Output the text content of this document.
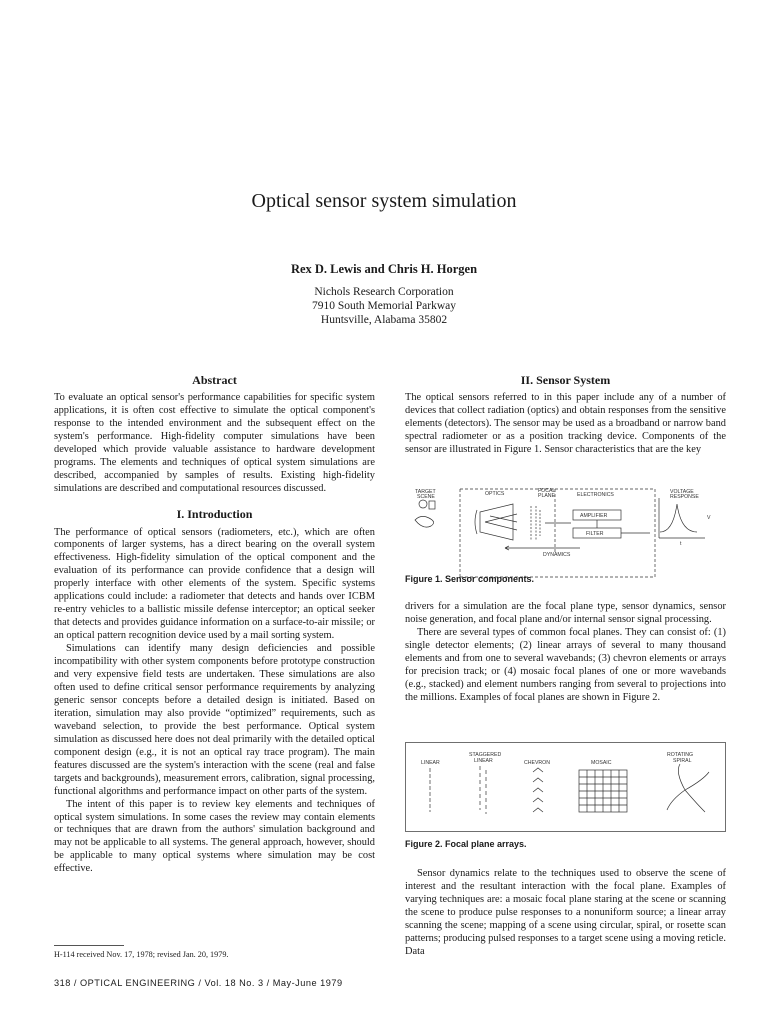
Optical sensor system simulation
Rex D. Lewis and Chris H. Horgen
Nichols Research Corporation
7910 South Memorial Parkway
Huntsville, Alabama 35802
Abstract

To evaluate an optical sensor's performance capabilities for specific system applications, it is often cost effective to simulate the optical component's response to the intended environment and the subsequent effect on the system's performance. High-fidelity computer simulations have been developed which provide valuable assistance to hardware development programs. The elements and techniques of optical system simulations are described, accompanied by samples of results. Existing high-fidelity simulations are described and computational resources discussed.

I. Introduction

The performance of optical sensors (radiometers, etc.), which are often components of larger systems, has a direct bearing on the overall system effectiveness. High-fidelity simulation of the optical component and the evaluation of its performance can provide confidence that a design will properly interface with other elements of the system. Specific systems applications could include: a radiometer that detects and hands over ICBM re-entry vehicles to a ballistic missile defense interceptor; an optical seeker that detects and provides guidance information on a surface-to-air missile; or an optical pattern recognition device used by a mail sorting system.

Simulations can identify many design deficiencies and possible incompatibility with other system components before prototype construction and very expensive field tests are undertaken. These simulations are also often used to define critical sensor performance requirements by analyzing generic sensor concepts before a detailed design is initiated. Based on iteration, simulation may also provide “optimized” requirements, such as waveband selection, to provide the best performance. Optical system simulation as discussed here does not deal primarily with the detailed optical component design (e.g., it is not an optical ray trace program). The main features discussed are the system's interaction with the scene (real and false targets and backgrounds), measurement errors, calibration, signal processing, functional algorithms and performance impact on other parts of the system.

The intent of this paper is to review key elements and techniques of optical system simulations. In some cases the review may contain elements or techniques that are drawn from the authors' simulation background and may not be applicable to all systems. The general approach, however, should be applicable to many optical systems where simulation may be cost effective.

H-114 received Nov. 17, 1978; revised Jan. 20, 1979.
II. Sensor System

The optical sensors referred to in this paper include any of a number of devices that collect radiation (optics) and obtain responses from the sensitive elements (detectors). The sensor may be used as a broadband or narrow band spectral radiometer or as a position tracking device. Components of the sensor are illustrated in Figure 1. Sensor characteristics that are the key

TARGET
SCENE	OPTICS	FOCAL
PLANE	ELECTRONICS	VOLTAGE
RESPONSE
AMPLIFIER
FILTER
DYNAMICS
V
t
Figure 1. Sensor components.

drivers for a simulation are the focal plane type, sensor dynamics, sensor noise generation, and focal plane and/or internal sensor signal processing.

There are several types of common focal planes. They can consist of: (1) single detector elements; (2) linear arrays of several to many thousand elements and from one to several wavebands; (3) chevron elements or arrays for precision track; or (4) mosaic focal planes of one or more wavebands (e.g., stacked) and element numbers ranging from several to projections into the millions. Examples of focal planes are shown in Figure 2.

LINEAR
STAGGERED
LINEAR	CHEVRON	MOSAIC
ROTATING
SPIRAL
Figure 2. Focal plane arrays.

Sensor dynamics relate to the techniques used to observe the scene of interest and the resultant interaction with the focal plane. Examples of varying techniques are: a mosaic focal plane staring at the scene or scanning the scene to produce pulse responses to a nonuniform source; a linear array scanning the scene; mapping of a scene using circular, spiral, or rosette scan patterns; producing pulsed responses to a target scene using a moving reticle. Data

318 / OPTICAL ENGINEERING / Vol. 18 No. 3 / May-June 1979
